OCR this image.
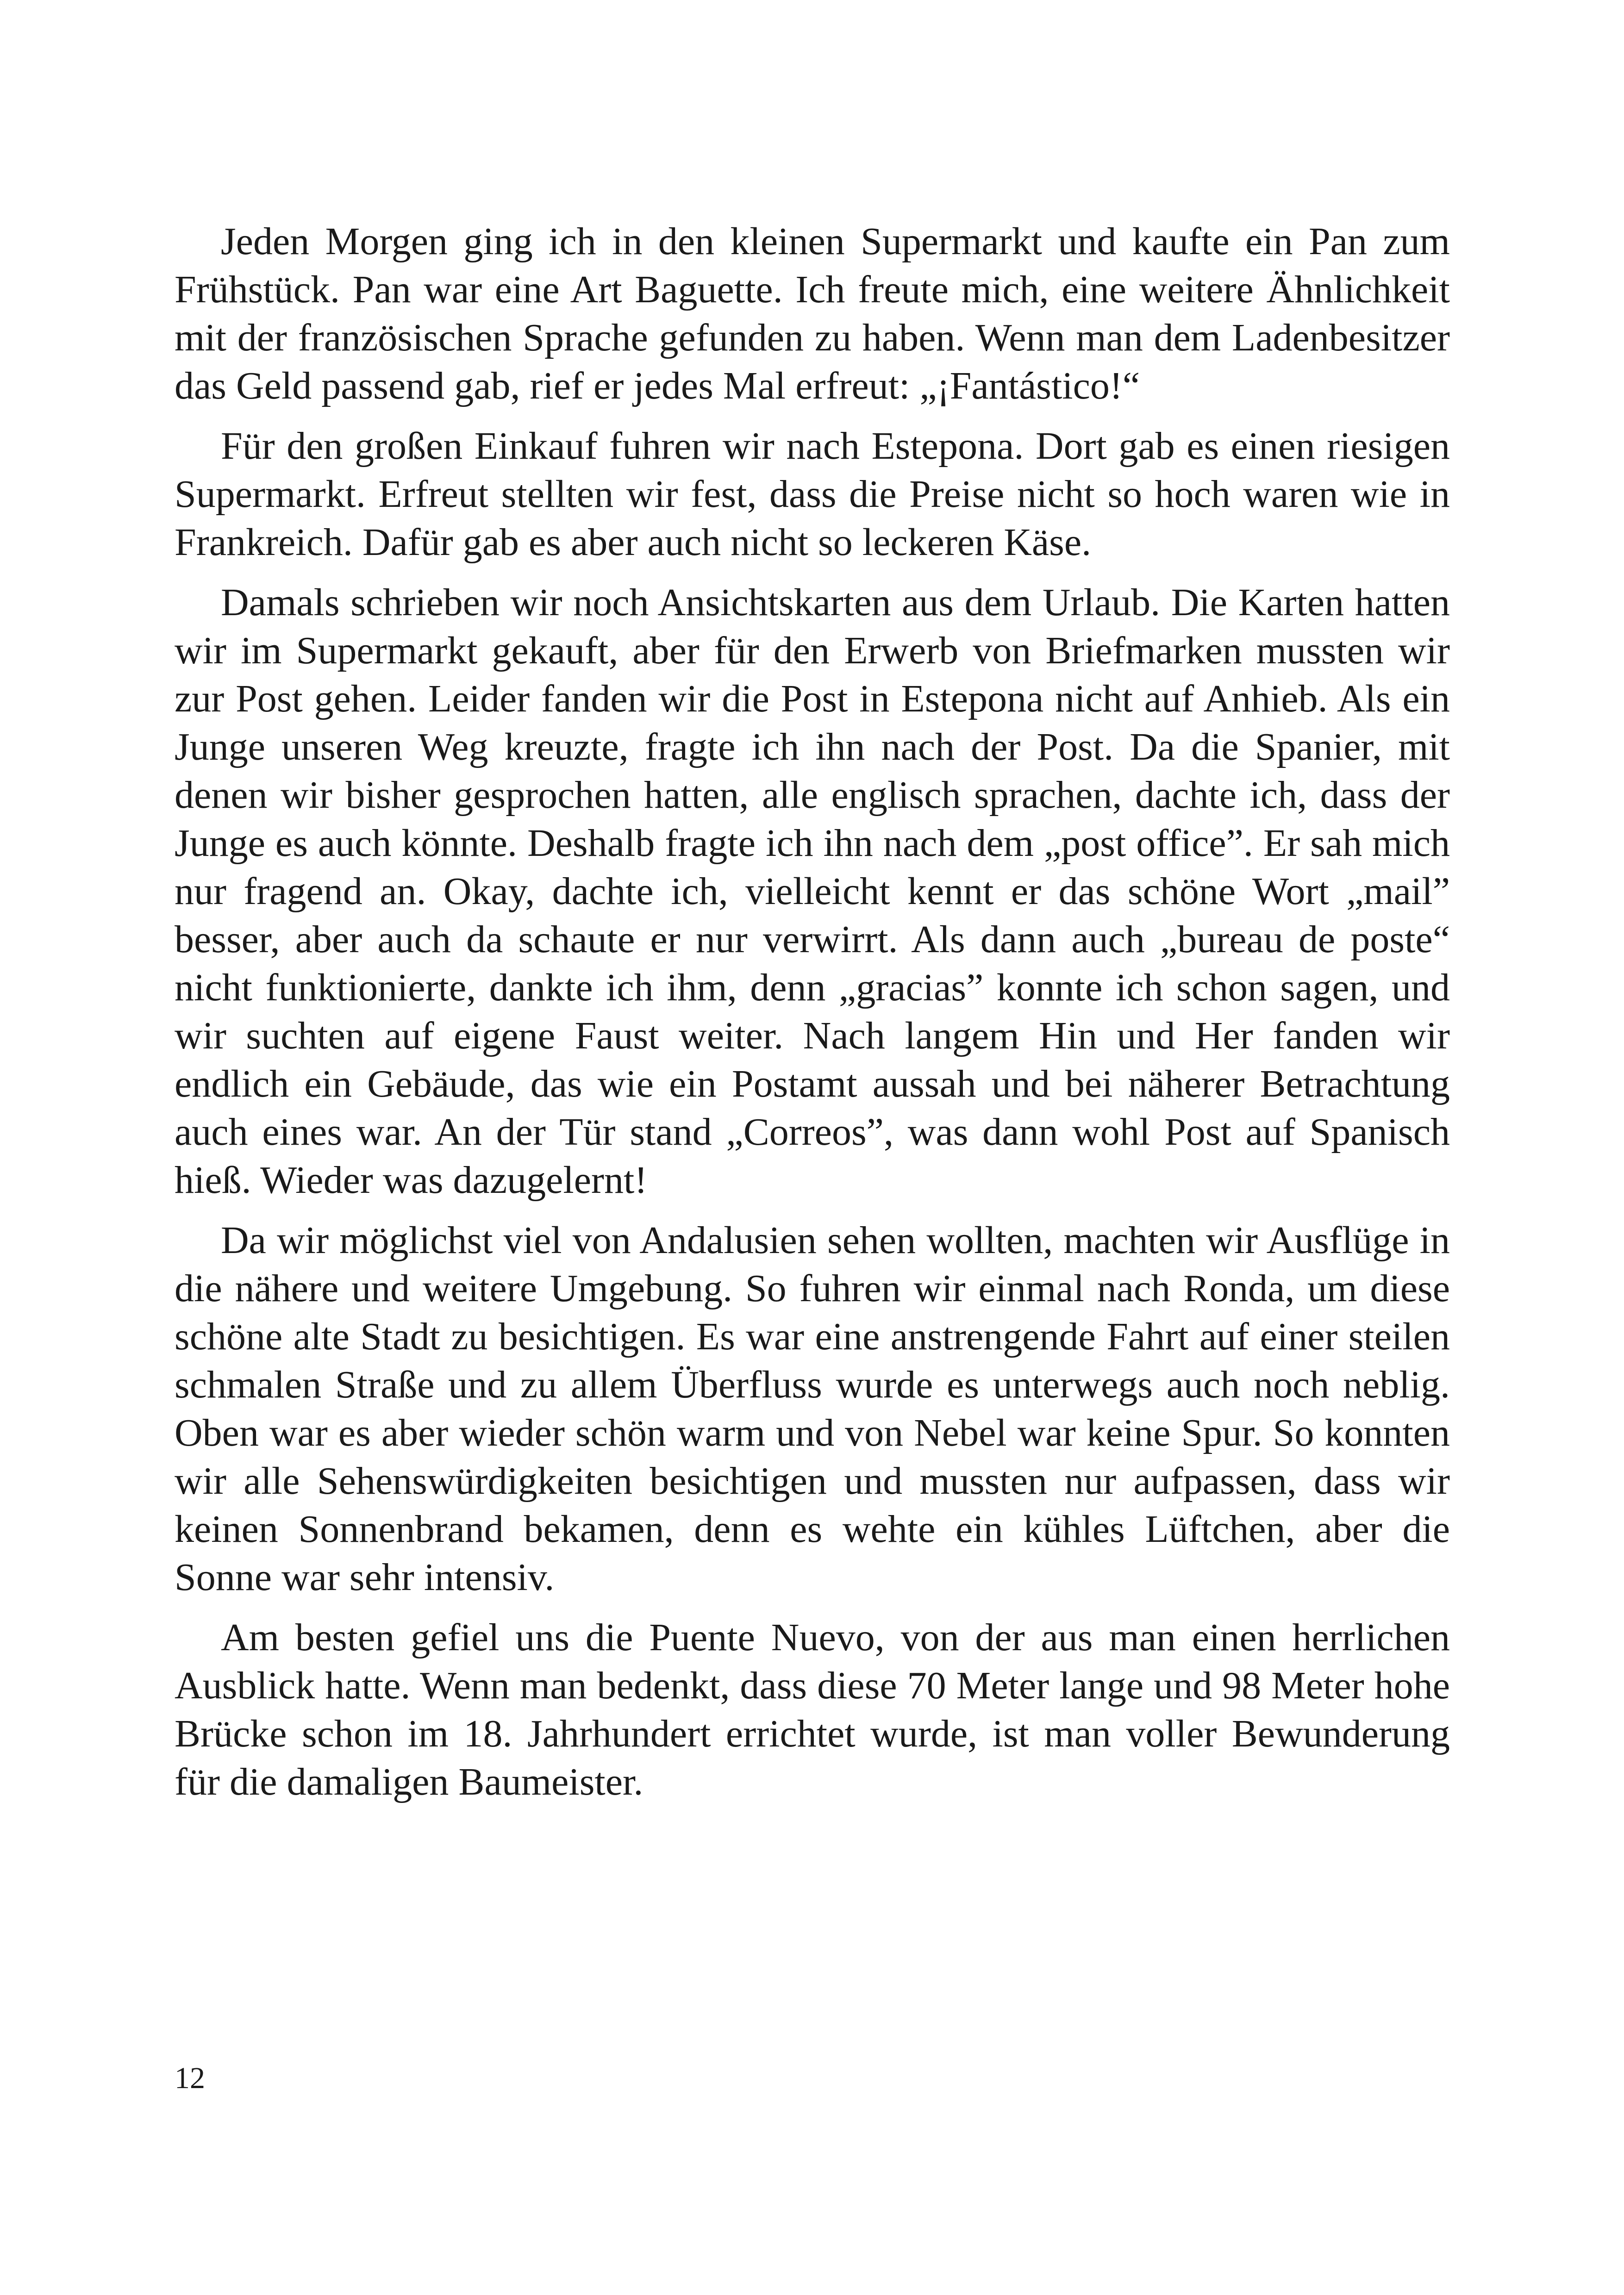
Jeden Morgen ging ich in den kleinen Supermarkt und kaufte ein Pan zum Frühstück. Pan war eine Art Baguette. Ich freute mich, eine weitere Ähnlichkeit mit der französischen Sprache gefunden zu haben. Wenn man dem Ladenbesitzer das Geld passend gab, rief er jedes Mal erfreut: „¡Fantástico!“

Für den großen Einkauf fuhren wir nach Estepona. Dort gab es einen riesigen Supermarkt. Erfreut stellten wir fest, dass die Preise nicht so hoch waren wie in Frankreich. Dafür gab es aber auch nicht so leckeren Käse.

Damals schrieben wir noch Ansichtskarten aus dem Urlaub. Die Karten hatten wir im Supermarkt gekauft, aber für den Erwerb von Briefmarken mussten wir zur Post gehen. Leider fanden wir die Post in Estepona nicht auf Anhieb. Als ein Junge unseren Weg kreuzte, fragte ich ihn nach der Post. Da die Spanier, mit denen wir bisher gesprochen hatten, alle englisch sprachen, dachte ich, dass der Junge es auch könnte. Deshalb fragte ich ihn nach dem „post office”. Er sah mich nur fragend an. Okay, dachte ich, vielleicht kennt er das schöne Wort „mail” besser, aber auch da schaute er nur verwirrt. Als dann auch „bureau de poste“ nicht funktionierte, dankte ich ihm, denn „gracias” konnte ich schon sagen, und wir suchten auf eigene Faust weiter. Nach langem Hin und Her fanden wir endlich ein Gebäude, das wie ein Postamt aussah und bei näherer Betrachtung auch eines war. An der Tür stand „Correos”, was dann wohl Post auf Spanisch hieß. Wieder was dazugelernt!

Da wir möglichst viel von Andalusien sehen wollten, machten wir Ausflüge in die nähere und weitere Umgebung. So fuhren wir einmal nach Ronda, um diese schöne alte Stadt zu besichtigen. Es war eine anstrengende Fahrt auf einer steilen schmalen Straße und zu allem Überfluss wurde es unterwegs auch noch neblig. Oben war es aber wieder schön warm und von Nebel war keine Spur. So konnten wir alle Sehenswürdigkeiten besichtigen und mussten nur aufpassen, dass wir keinen Sonnenbrand bekamen, denn es wehte ein kühles Lüftchen, aber die Sonne war sehr intensiv.

Am besten gefiel uns die Puente Nuevo, von der aus man einen herrlichen Ausblick hatte. Wenn man bedenkt, dass diese 70 Meter lange und 98 Meter hohe Brücke schon im 18. Jahrhundert errichtet wurde, ist man voller Bewunderung für die damaligen Baumeister.

12
